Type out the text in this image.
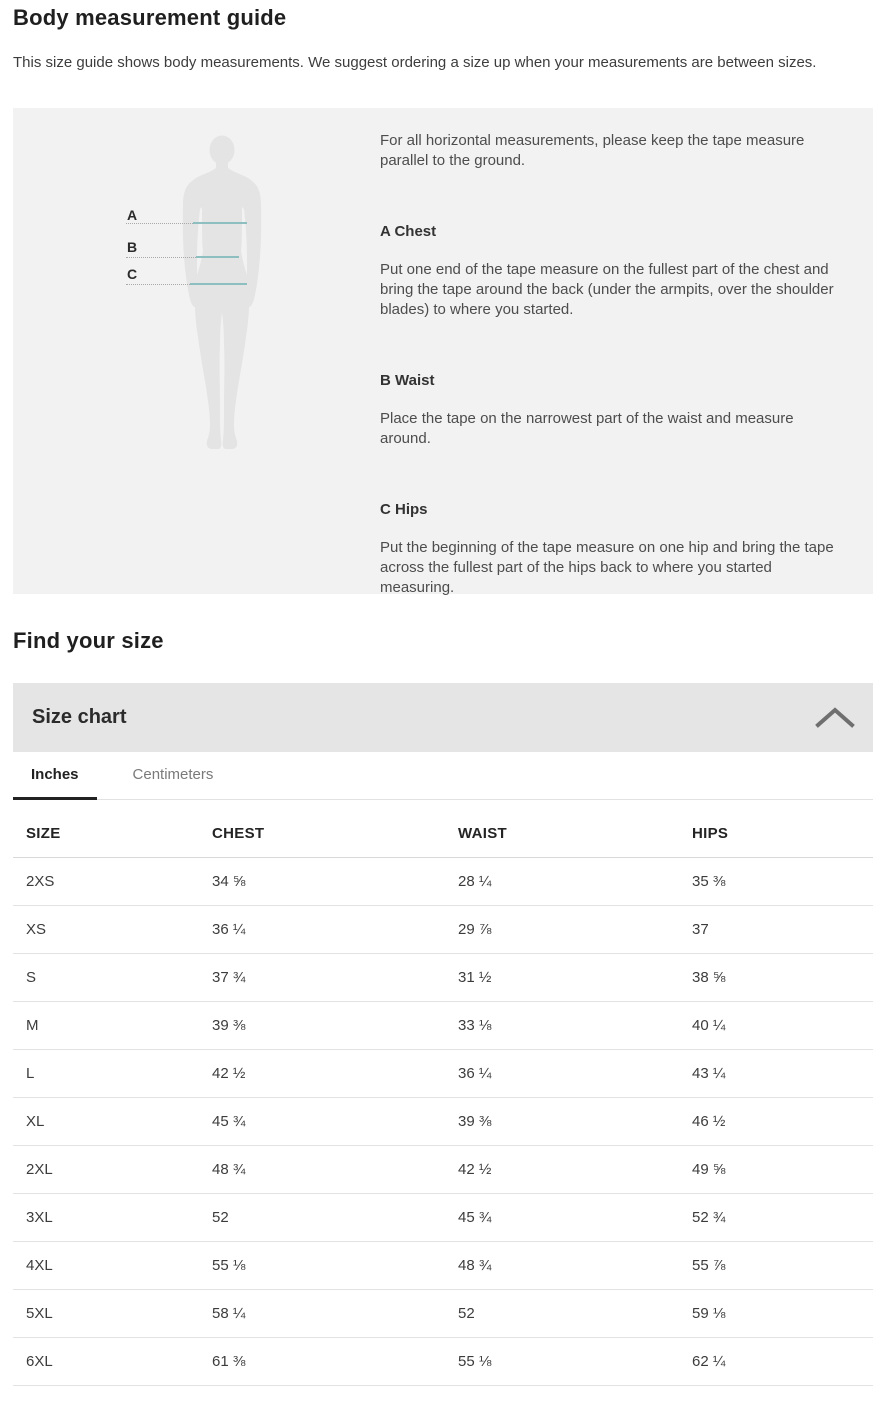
Body measurement guide

This size guide shows body measurements. We suggest ordering a size up when your measurements are between sizes.

A
B
C

For all horizontal measurements, please keep the tape measure parallel to the ground.

A Chest

Put one end of the tape measure on the fullest part of the chest and bring the tape around the back (under the armpits, over the shoulder blades) to where you started.

B Waist

Place the tape on the narrowest part of the waist and measure around.

C Hips

Put the beginning of the tape measure on one hip and bring the tape across the fullest part of the hips back to where you started measuring.

Find your size
Size chart
Inches	Centimeters
SIZE	CHEST	WAIST	HIPS
2XS	34 ⅝	28 ¼	35 ⅜
XS	36 ¼	29 ⅞	37
S	37 ¾	31 ½	38 ⅝
M	39 ⅜	33 ⅛	40 ¼
L	42 ½	36 ¼	43 ¼
XL	45 ¾	39 ⅜	46 ½
2XL	48 ¾	42 ½	49 ⅝
3XL	52	45 ¾	52 ¾
4XL	55 ⅛	48 ¾	55 ⅞
5XL	58 ¼	52	59 ⅛
6XL	61 ⅜	55 ⅛	62 ¼
